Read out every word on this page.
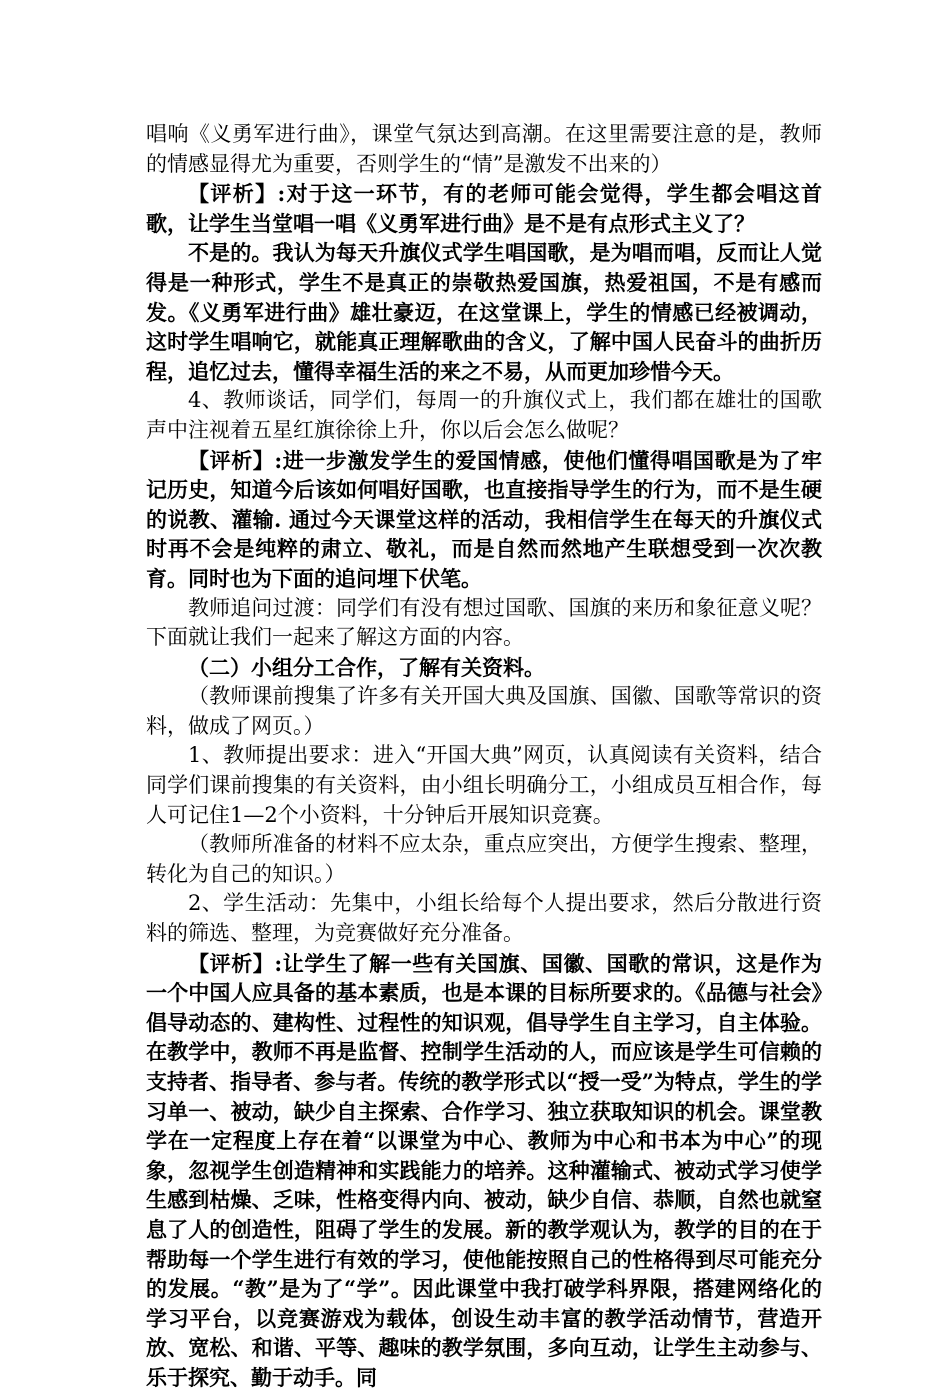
唱响《义勇军进行曲》，课堂气氛达到高潮。在这里需要注意的是，教师的情感显得尤为重要，否则学生的“情”是激发不出来的）

【评析】:对于这一环节，有的老师可能会觉得，学生都会唱这首歌，让学生当堂唱一唱《义勇军进行曲》是不是有点形式主义了？

不是的。我认为每天升旗仪式学生唱国歌，是为唱而唱，反而让人觉得是一种形式，学生不是真正的崇敬热爱国旗，热爱祖国，不是有感而发。《义勇军进行曲》雄壮豪迈，在这堂课上，学生的情感已经被调动，这时学生唱响它，就能真正理解歌曲的含义，了解中国人民奋斗的曲折历程，追忆过去，懂得幸福生活的来之不易，从而更加珍惜今天。

4、教师谈话，同学们，每周一的升旗仪式上，我们都在雄壮的国歌声中注视着五星红旗徐徐上升，你以后会怎么做呢？

【评析】:进一步激发学生的爱国情感，使他们懂得唱国歌是为了牢记历史，知道今后该如何唱好国歌，也直接指导学生的行为，而不是生硬的说教、灌输. 通过今天课堂这样的活动，我相信学生在每天的升旗仪式时再不会是纯粹的肃立、敬礼，而是自然而然地产生联想受到一次次教育。同时也为下面的追问埋下伏笔。

教师追问过渡：同学们有没有想过国歌、国旗的来历和象征意义呢？下面就让我们一起来了解这方面的内容。

（二）小组分工合作，了解有关资料。

（教师课前搜集了许多有关开国大典及国旗、国徽、国歌等常识的资料，做成了网页。）

1、教师提出要求：进入“开国大典”网页，认真阅读有关资料，结合同学们课前搜集的有关资料，由小组长明确分工，小组成员互相合作，每人可记住1—2个小资料，十分钟后开展知识竞赛。

（教师所准备的材料不应太杂，重点应突出，方便学生搜索、整理，转化为自己的知识。）

2、学生活动：先集中，小组长给每个人提出要求，然后分散进行资料的筛选、整理，为竞赛做好充分准备。

【评析】:让学生了解一些有关国旗、国徽、国歌的常识，这是作为一个中国人应具备的基本素质，也是本课的目标所要求的。《品德与社会》倡导动态的、建构性、过程性的知识观，倡导学生自主学习，自主体验。在教学中，教师不再是监督、控制学生活动的人，而应该是学生可信赖的支持者、指导者、参与者。传统的教学形式以“授一受”为特点，学生的学习单一、被动，缺少自主探索、合作学习、独立获取知识的机会。课堂教学在一定程度上存在着“以课堂为中心、教师为中心和书本为中心”的现象，忽视学生创造精神和实践能力的培养。这种灌输式、被动式学习使学生感到枯燥、乏味，性格变得内向、被动，缺少自信、恭顺，自然也就窒息了人的创造性，阻碍了学生的发展。新的教学观认为，教学的目的在于帮助每一个学生进行有效的学习，使他能按照自己的性格得到尽可能充分的发展。“教”是为了“学”。因此课堂中我打破学科界限，搭建网络化的学习平台，以竞赛游戏为载体，创设生动丰富的教学活动情节，营造开放、宽松、和谐、平等、趣味的教学氛围，多向互动，让学生主动参与、乐于探究、勤于动手。同
